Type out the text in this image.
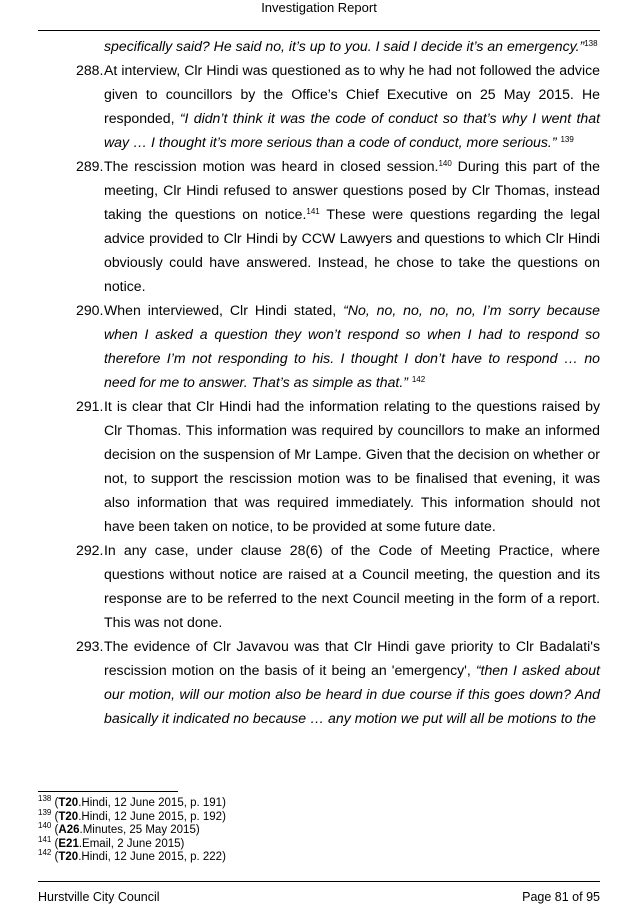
Investigation Report
specifically said? He said no, it’s up to you. I said I decide it’s an emergency.”$^{138}$
288. At interview, Clr Hindi was questioned as to why he had not followed the advice given to councillors by the Office’s Chief Executive on 25 May 2015. He responded, “I didn’t think it was the code of conduct so that’s why I went that way … I thought it’s more serious than a code of conduct, more serious.” $^{139}$
289. The rescission motion was heard in closed session.$^{140}$ During this part of the meeting, Clr Hindi refused to answer questions posed by Clr Thomas, instead taking the questions on notice.$^{141}$ These were questions regarding the legal advice provided to Clr Hindi by CCW Lawyers and questions to which Clr Hindi obviously could have answered. Instead, he chose to take the questions on notice.
290. When interviewed, Clr Hindi stated, “No, no, no, no, no, I’m sorry because when I asked a question they won’t respond so when I had to respond so therefore I’m not responding to his. I thought I don’t have to respond … no need for me to answer. That’s as simple as that.” $^{142}$
291. It is clear that Clr Hindi had the information relating to the questions raised by Clr Thomas. This information was required by councillors to make an informed decision on the suspension of Mr Lampe. Given that the decision on whether or not, to support the rescission motion was to be finalised that evening, it was also information that was required immediately. This information should not have been taken on notice, to be provided at some future date.
292. In any case, under clause 28(6) of the Code of Meeting Practice, where questions without notice are raised at a Council meeting, the question and its response are to be referred to the next Council meeting in the form of a report. This was not done.
293. The evidence of Clr Javavou was that Clr Hindi gave priority to Clr Badalati's rescission motion on the basis of it being an 'emergency', “then I asked about our motion, will our motion also be heard in due course if this goes down? And basically it indicated no because … any motion we put will all be motions to the
$^{138}$ (T20.Hindi, 12 June 2015, p. 191)
$^{139}$ (T20.Hindi, 12 June 2015, p. 192)
$^{140}$ (A26.Minutes, 25 May 2015)
$^{141}$ (E21.Email, 2 June 2015)
$^{142}$ (T20.Hindi, 12 June 2015, p. 222)
Hurstville City Council	Page 81 of 95
